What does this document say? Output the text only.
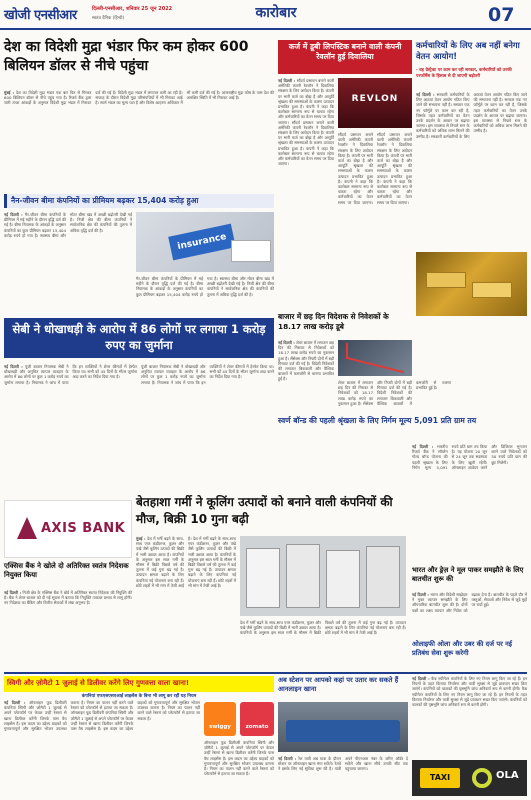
खोजी एनसीआर	दिल्ली-एनसीआर, शनिवार 25 जून 2022
स्वतंत्र दैनिक (हिन्दी)	कारोबार	07
देश का विदेशी मुद्रा भंडार फिर कम होकर 600 बिलियन डॉलर से नीचे पहुंचा

मुंबई : देश का विदेशी मुद्रा भंडार एक बार फिर से गिरकर 600 बिलियन डॉलर से नीचे पहुंच गया है। रिजर्व बैंक द्वारा जारी ताजा आंकड़ों के अनुसार विदेशी मुद्रा भंडार में गिरावट दर्ज की गई है। विदेशी मुद्रा भंडार में लगातार कमी आ रही है। सप्ताह के दौरान विदेशी मुद्रा परिसंपत्तियों में भी गिरावट आई है। स्वर्ण भंडार का मूल्य घटा है और विशेष आहरण अधिकार में भी कमी दर्ज की गई है। अंतरराष्ट्रीय मुद्रा कोष के पास देश की आरक्षित स्थिति में भी गिरावट आई है।

नैन-जीवन बीमा कंपनियों का प्रीमियम बढ़कर 15,404 करोड़ हुआ

नई दिल्ली : गैर-जीवन बीमा कंपनियों के प्रीमियम में मई महीने के दौरान वृद्धि दर्ज की गई है। बीमा नियामक के आंकड़ों के अनुसार कंपनियों का कुल प्रीमियम बढ़कर 15,404 करोड़ रुपये हो गया है। स्वास्थ्य बीमा और मोटर बीमा खंड में अच्छी बढ़ोतरी देखी गई है। निजी क्षेत्र की बीमा कंपनियों ने सार्वजनिक क्षेत्र की कंपनियों की तुलना में अधिक वृद्धि दर्ज की है।

insurance

गैर-जीवन बीमा कंपनियों के प्रीमियम में मई महीने के दौरान वृद्धि दर्ज की गई है। बीमा नियामक के आंकड़ों के अनुसार कंपनियों का कुल प्रीमियम बढ़कर 15,404 करोड़ रुपये हो गया है। स्वास्थ्य बीमा और मोटर बीमा खंड में अच्छी बढ़ोतरी देखी गई है। निजी क्षेत्र की बीमा कंपनियों ने सार्वजनिक क्षेत्र की कंपनियों की तुलना में अधिक वृद्धि दर्ज की है।

सेबी ने धोखाधड़ी के आरोप में 86 लोगों पर लगाया 1 करोड़ रुपए का जुर्माना

नई दिल्ली : पूंजी बाजार नियामक सेबी ने धोखाधड़ी और अनुचित व्यापार व्यवहार के आरोप में 86 लोगों पर कुल 1 करोड़ रुपये का जुर्माना लगाया है। नियामक ने जांच में पाया कि इन व्यक्तियों ने शेयर कीमतों में हेरफेर किया था। सभी को 45 दिनों के भीतर जुर्माना अदा करने का निर्देश दिया गया है।

पूंजी बाजार नियामक सेबी ने धोखाधड़ी और अनुचित व्यापार व्यवहार के आरोप में 86 लोगों पर कुल 1 करोड़ रुपये का जुर्माना लगाया है। नियामक ने जांच में पाया कि इन व्यक्तियों ने शेयर कीमतों में हेरफेर किया था। सभी को 45 दिनों के भीतर जुर्माना अदा करने का निर्देश दिया गया है।

AXIS BANK
एक्सिस बैंक ने खोले दो अतिरिक्त स्वतंत्र निदेशक नियुक्त किया

नई दिल्ली : निजी क्षेत्र के एक्सिस बैंक ने बोर्ड में अतिरिक्त स्वतंत्र निदेशक की नियुक्ति की है। बैंक ने शेयर बाजार को दी गई सूचना में बताया कि नियुक्ति तत्काल प्रभाव से लागू होगी। नए निदेशक का बैंकिंग और वित्तीय सेवाओं में लंबा अनुभव है।

बेतहाशा गर्मी ने कूलिंग उत्पादों को बनाने वाली कंपनियों की मौज, बिक्री 10 गुना बढ़ी

मुंबई : देश में गर्मी बढ़ने के साथ-साथ एयर कंडीशनर, कूलर और पंखे जैसे कूलिंग उत्पादों की बिक्री में भारी उछाल आया है। कंपनियों के अनुसार इस साल गर्मी के मौसम में बिक्री पिछले वर्ष की तुलना में कई गुना बढ़ गई है। उत्पादन क्षमता बढ़ाने के लिए कंपनियां नई योजनाएं बना रही हैं। छोटे शहरों में भी मांग में तेजी आई है। देश में गर्मी बढ़ने के साथ-साथ एयर कंडीशनर, कूलर और पंखे जैसे कूलिंग उत्पादों की बिक्री में भारी उछाल आया है। कंपनियों के अनुसार इस साल गर्मी के मौसम में बिक्री पिछले वर्ष की तुलना में कई गुना बढ़ गई है। उत्पादन क्षमता बढ़ाने के लिए कंपनियां नई योजनाएं बना रही हैं। छोटे शहरों में भी मांग में तेजी आई है।

देश में गर्मी बढ़ने के साथ-साथ एयर कंडीशनर, कूलर और पंखे जैसे कूलिंग उत्पादों की बिक्री में भारी उछाल आया है। कंपनियों के अनुसार इस साल गर्मी के मौसम में बिक्री पिछले वर्ष की तुलना में कई गुना बढ़ गई है। उत्पादन क्षमता बढ़ाने के लिए कंपनियां नई योजनाएं बना रही हैं। छोटे शहरों में भी मांग में तेजी आई है।

कर्ज में डूबी लिपस्टिक बनाने वाली कंपनी रेवलॉन हुई दिवालिया

नई दिल्ली : सौंदर्य प्रसाधन बनाने वाली अमेरिकी कंपनी रेवलॉन ने दिवालिया संरक्षण के लिए आवेदन किया है। कंपनी पर भारी कर्ज का बोझ है और आपूर्ति श्रृंखला की समस्याओं के कारण उत्पादन प्रभावित हुआ है। कंपनी ने कहा कि कारोबार सामान्य रूप से चलता रहेगा और कर्मचारियों का वेतन समय पर दिया जाएगा। सौंदर्य प्रसाधन बनाने वाली अमेरिकी कंपनी रेवलॉन ने दिवालिया संरक्षण के लिए आवेदन किया है। कंपनी पर भारी कर्ज का बोझ है और आपूर्ति श्रृंखला की समस्याओं के कारण उत्पादन प्रभावित हुआ है। कंपनी ने कहा कि कारोबार सामान्य रूप से चलता रहेगा और कर्मचारियों का वेतन समय पर दिया जाएगा।

REVLON

सौंदर्य प्रसाधन बनाने वाली अमेरिकी कंपनी रेवलॉन ने दिवालिया संरक्षण के लिए आवेदन किया है। कंपनी पर भारी कर्ज का बोझ है और आपूर्ति श्रृंखला की समस्याओं के कारण उत्पादन प्रभावित हुआ है। कंपनी ने कहा कि कारोबार सामान्य रूप से चलता रहेगा और कर्मचारियों का वेतन समय पर दिया जाएगा। सौंदर्य प्रसाधन बनाने वाली अमेरिकी कंपनी रेवलॉन ने दिवालिया संरक्षण के लिए आवेदन किया है। कंपनी पर भारी कर्ज का बोझ है और आपूर्ति श्रृंखला की समस्याओं के कारण उत्पादन प्रभावित हुआ है। कंपनी ने कहा कि कारोबार सामान्य रूप से चलता रहेगा और कर्मचारियों का वेतन समय पर दिया जाएगा।

बाजार में छह दिन विदेशक से निवेशकों के 18.17 लाख करोड़ डूबे

नई दिल्ली : शेयर बाजार में लगातार छह दिन की गिरावट से निवेशकों को 18.17 लाख करोड़ रुपये का नुकसान हुआ है। सेंसेक्स और निफ्टी दोनों में बड़ी गिरावट दर्ज की गई है। विदेशी निवेशकों की लगातार बिकवाली और वैश्विक बाजारों में कमजोरी से धारणा प्रभावित हुई है।

शेयर बाजार में लगातार छह दिन की गिरावट से निवेशकों को 18.17 लाख करोड़ रुपये का नुकसान हुआ है। सेंसेक्स और निफ्टी दोनों में बड़ी गिरावट दर्ज की गई है। विदेशी निवेशकों की लगातार बिकवाली और वैश्विक बाजारों में कमजोरी से धारणा प्रभावित हुई है।

कर्मचारियों के लिए अब नहीं बनेगा वेतन आयोग!
- वह ग्रेस्ट्रेक्ट पर काम कर रही सरकार, कर्मचारियों को उनकी परफॉर्मेंस के हिसाब से दी जाएगी बढ़ोतरी

नई दिल्ली : सरकारी कर्मचारियों के लिए आठवां वेतन आयोग गठित किए जाने की संभावना नहीं है। सरकार एक नए फॉर्मूले पर काम कर रही है, जिसके तहत कर्मचारियों का वेतन उनके प्रदर्शन के आधार पर बढ़ाया जाएगा। इस व्यवस्था से निचले स्तर के कर्मचारियों को अधिक लाभ मिलने की उम्मीद है। सरकारी कर्मचारियों के लिए आठवां वेतन आयोग गठित किए जाने की संभावना नहीं है। सरकार एक नए फॉर्मूले पर काम कर रही है, जिसके तहत कर्मचारियों का वेतन उनके प्रदर्शन के आधार पर बढ़ाया जाएगा। इस व्यवस्था से निचले स्तर के कर्मचारियों को अधिक लाभ मिलने की उम्मीद है।

स्वर्ण बॉन्ड की पहली श्रृंखला के लिए निर्गम मूल्य 5,091 प्रति ग्राम तय

नई दिल्ली : भारतीय रिजर्व बैंक ने सॉवरेन गोल्ड बॉन्ड योजना की पहली श्रृंखला के लिए निर्गम मूल्य 5,091 रुपये प्रति ग्राम तय किया है। यह योजना 20 जून से 24 जून तक सदस्यता के लिए खुली रहेगी। ऑनलाइन आवेदन करने और डिजिटल भुगतान करने वाले निवेशकों को 50 रुपये प्रति ग्राम की छूट मिलेगी।

भारत और ड्रेज़ ने मूल पाकर समझौते के लिए बातचीत शुरू की

नई दिल्ली : भारत और विदेशी साझेदार ने मुक्त व्यापार समझौते के लिए औपचारिक बातचीत शुरू की है। दोनों पक्षों का लक्ष्य व्यापार और निवेश को बढ़ावा देना है। बातचीत के पहले दौर में वस्तुओं, सेवाओं और निवेश से जुड़े मुद्दों पर चर्चा हुई।

ओलाइफी ओला और उबर की दर्ज पर नई प्रतिबंध सेवा शुरू करेगी
स्विगी और ज़ोमैटो 1 जुलाई से डिलीवर करेंगे लिए गुणवत्ता वाला खाना!
कंपनियां एफएसएसएआई लाइसेंस के बिना भी लागू कर रहीं यह नियम

नई दिल्ली : ऑनलाइन फूड डिलीवरी कंपनियां स्विगी और ज़ोमैटो 1 जुलाई से अपने प्लेटफॉर्म पर केवल उन्हीं रेस्तरां से खाना डिलीवर करेंगी जिनके पास वैध लाइसेंस है। इस कदम का उद्देश्य ग्राहकों को गुणवत्तापूर्ण और सुरक्षित भोजन उपलब्ध कराना है। नियम का पालन नहीं करने वाले रेस्तरां को प्लेटफॉर्म से हटाया जा सकता है। ऑनलाइन फूड डिलीवरी कंपनियां स्विगी और ज़ोमैटो 1 जुलाई से अपने प्लेटफॉर्म पर केवल उन्हीं रेस्तरां से खाना डिलीवर करेंगी जिनके पास वैध लाइसेंस है। इस कदम का उद्देश्य ग्राहकों को गुणवत्तापूर्ण और सुरक्षित भोजन उपलब्ध कराना है। नियम का पालन नहीं करने वाले रेस्तरां को प्लेटफॉर्म से हटाया जा सकता है।

swiggy	zomato

ऑनलाइन फूड डिलीवरी कंपनियां स्विगी और ज़ोमैटो 1 जुलाई से अपने प्लेटफॉर्म पर केवल उन्हीं रेस्तरां से खाना डिलीवर करेंगी जिनके पास वैध लाइसेंस है। इस कदम का उद्देश्य ग्राहकों को गुणवत्तापूर्ण और सुरक्षित भोजन उपलब्ध कराना है। नियम का पालन नहीं करने वाले रेस्तरां को प्लेटफॉर्म से हटाया जा सकता है।

अब स्टेशन पर आपको कहां पर उतार कर सकते हैं आनलाइन खाना

नई दिल्ली : रेल यात्री अब यात्रा के दौरान स्टेशन पर ऑनलाइन खाना मंगा सकेंगे। रेलवे ने इसके लिए नई सुविधा शुरू की है। यात्री अपने पीएनआर नंबर के जरिए ऑर्डर दे सकेंगे और खाना सीधे उनकी सीट तक पहुंचाया जाएगा।

नई दिल्ली : कैब एग्रीगेटर कंपनियों के लिए नए नियम लागू किए जा रहे हैं। इन नियमों के तहत किराया निर्धारण और यात्री सुरक्षा से जुड़े प्रावधान सख्त किए जाएंगे। कंपनियों को चालकों की पृष्ठभूमि जांच अनिवार्य रूप से करनी होगी। कैब एग्रीगेटर कंपनियों के लिए नए नियम लागू किए जा रहे हैं। इन नियमों के तहत किराया निर्धारण और यात्री सुरक्षा से जुड़े प्रावधान सख्त किए जाएंगे। कंपनियों को चालकों की पृष्ठभूमि जांच अनिवार्य रूप से करनी होगी।

TAXI	OLA
